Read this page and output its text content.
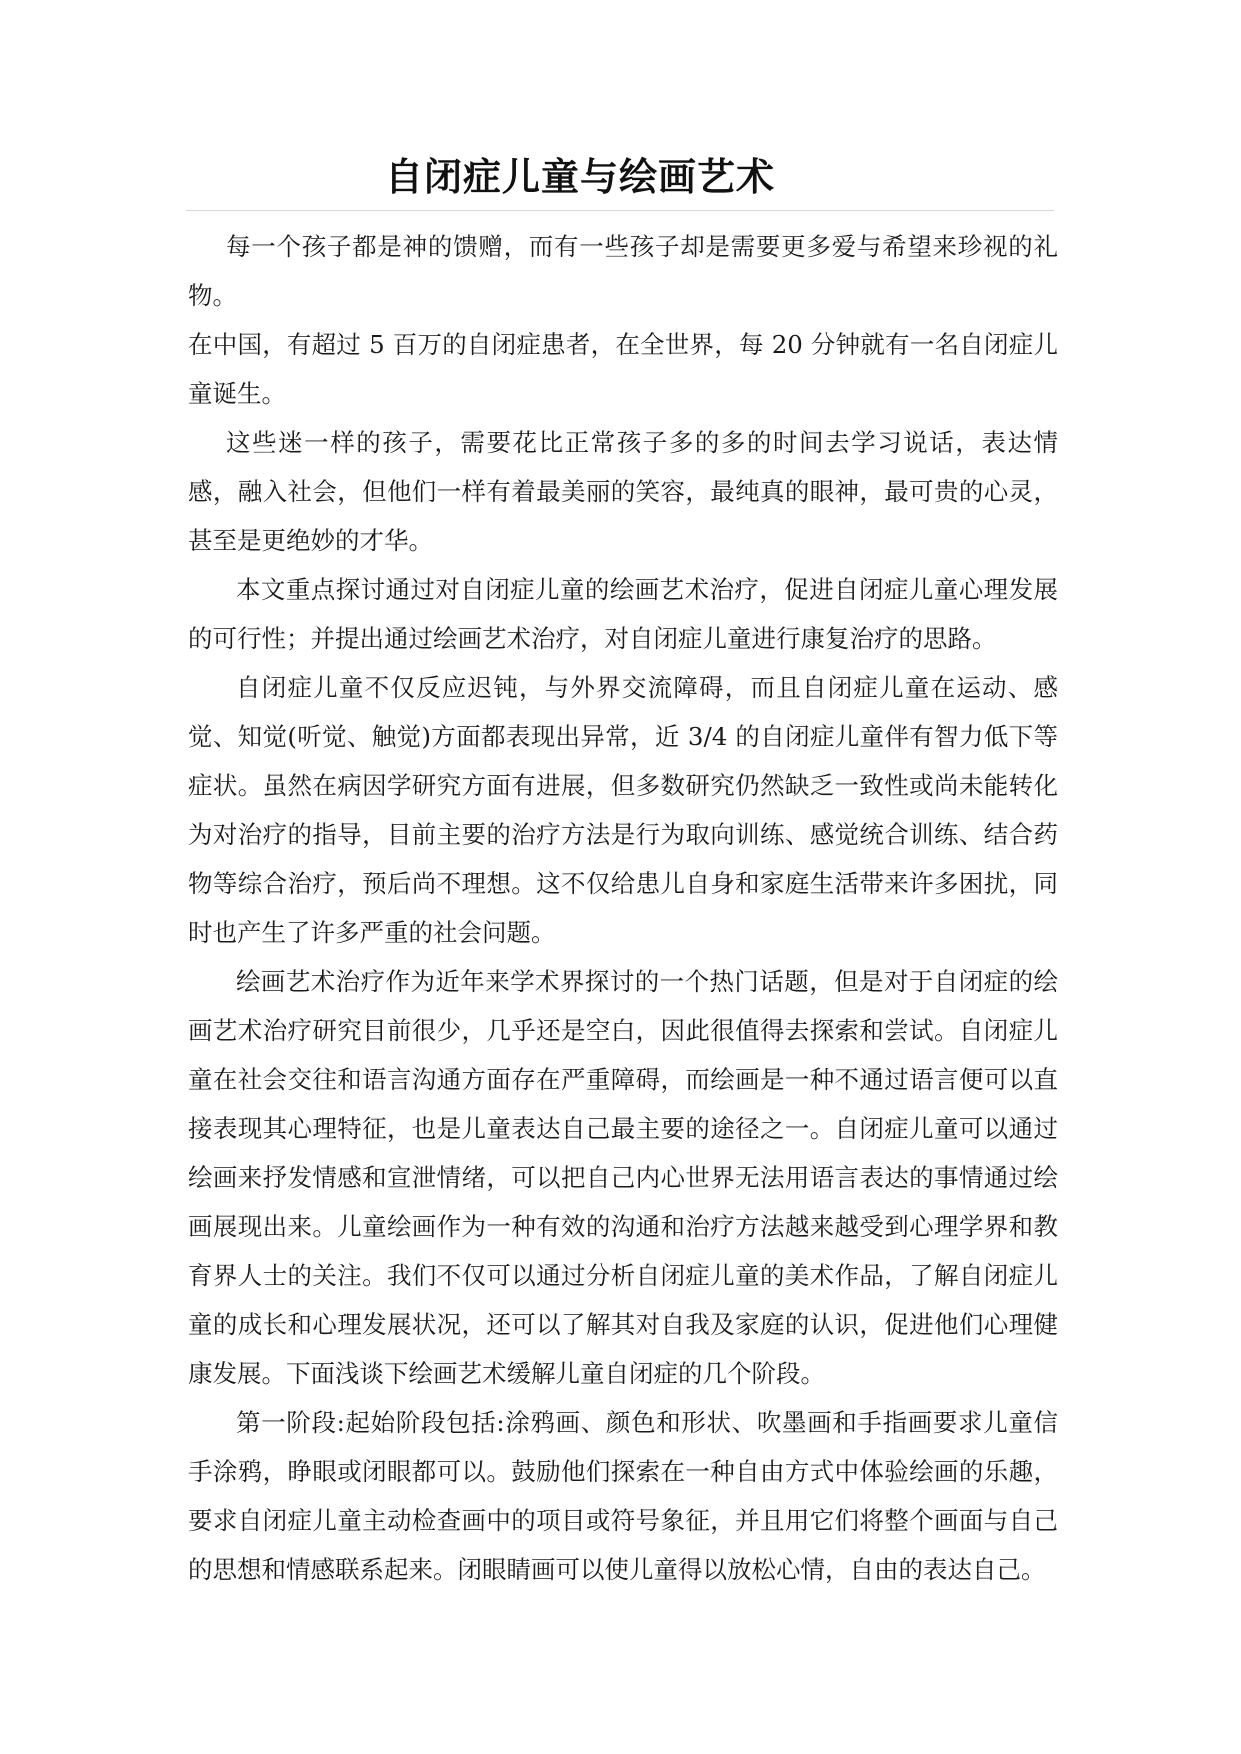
自闭症儿童与绘画艺术

每一个孩子都是神的馈赠，而有一些孩子却是需要更多爱与希望来珍视的礼物。

在中国，有超过 5 百万的自闭症患者，在全世界，每 20 分钟就有一名自闭症儿童诞生。

这些迷一样的孩子，需要花比正常孩子多的多的时间去学习说话，表达情感，融入社会，但他们一样有着最美丽的笑容，最纯真的眼神，最可贵的心灵，甚至是更绝妙的才华。

本文重点探讨通过对自闭症儿童的绘画艺术治疗，促进自闭症儿童心理发展的可行性；并提出通过绘画艺术治疗，对自闭症儿童进行康复治疗的思路。

自闭症儿童不仅反应迟钝，与外界交流障碍，而且自闭症儿童在运动、感觉、知觉(听觉、触觉)方面都表现出异常，近 3/4 的自闭症儿童伴有智力低下等症状。虽然在病因学研究方面有进展，但多数研究仍然缺乏一致性或尚未能转化为对治疗的指导，目前主要的治疗方法是行为取向训练、感觉统合训练、结合药物等综合治疗，预后尚不理想。这不仅给患儿自身和家庭生活带来许多困扰，同时也产生了许多严重的社会问题。

绘画艺术治疗作为近年来学术界探讨的一个热门话题，但是对于自闭症的绘画艺术治疗研究目前很少，几乎还是空白，因此很值得去探索和尝试。自闭症儿童在社会交往和语言沟通方面存在严重障碍，而绘画是一种不通过语言便可以直接表现其心理特征，也是儿童表达自己最主要的途径之一。自闭症儿童可以通过绘画来抒发情感和宣泄情绪，可以把自己内心世界无法用语言表达的事情通过绘画展现出来。儿童绘画作为一种有效的沟通和治疗方法越来越受到心理学界和教育界人士的关注。我们不仅可以通过分析自闭症儿童的美术作品，了解自闭症儿童的成长和心理发展状况，还可以了解其对自我及家庭的认识，促进他们心理健康发展。下面浅谈下绘画艺术缓解儿童自闭症的几个阶段。

第一阶段:起始阶段包括:涂鸦画、颜色和形状、吹墨画和手指画要求儿童信手涂鸦，睁眼或闭眼都可以。鼓励他们探索在一种自由方式中体验绘画的乐趣，要求自闭症儿童主动检查画中的项目或符号象征，并且用它们将整个画面与自己的思想和情感联系起来。闭眼睛画可以使儿童得以放松心情，自由的表达自己。
